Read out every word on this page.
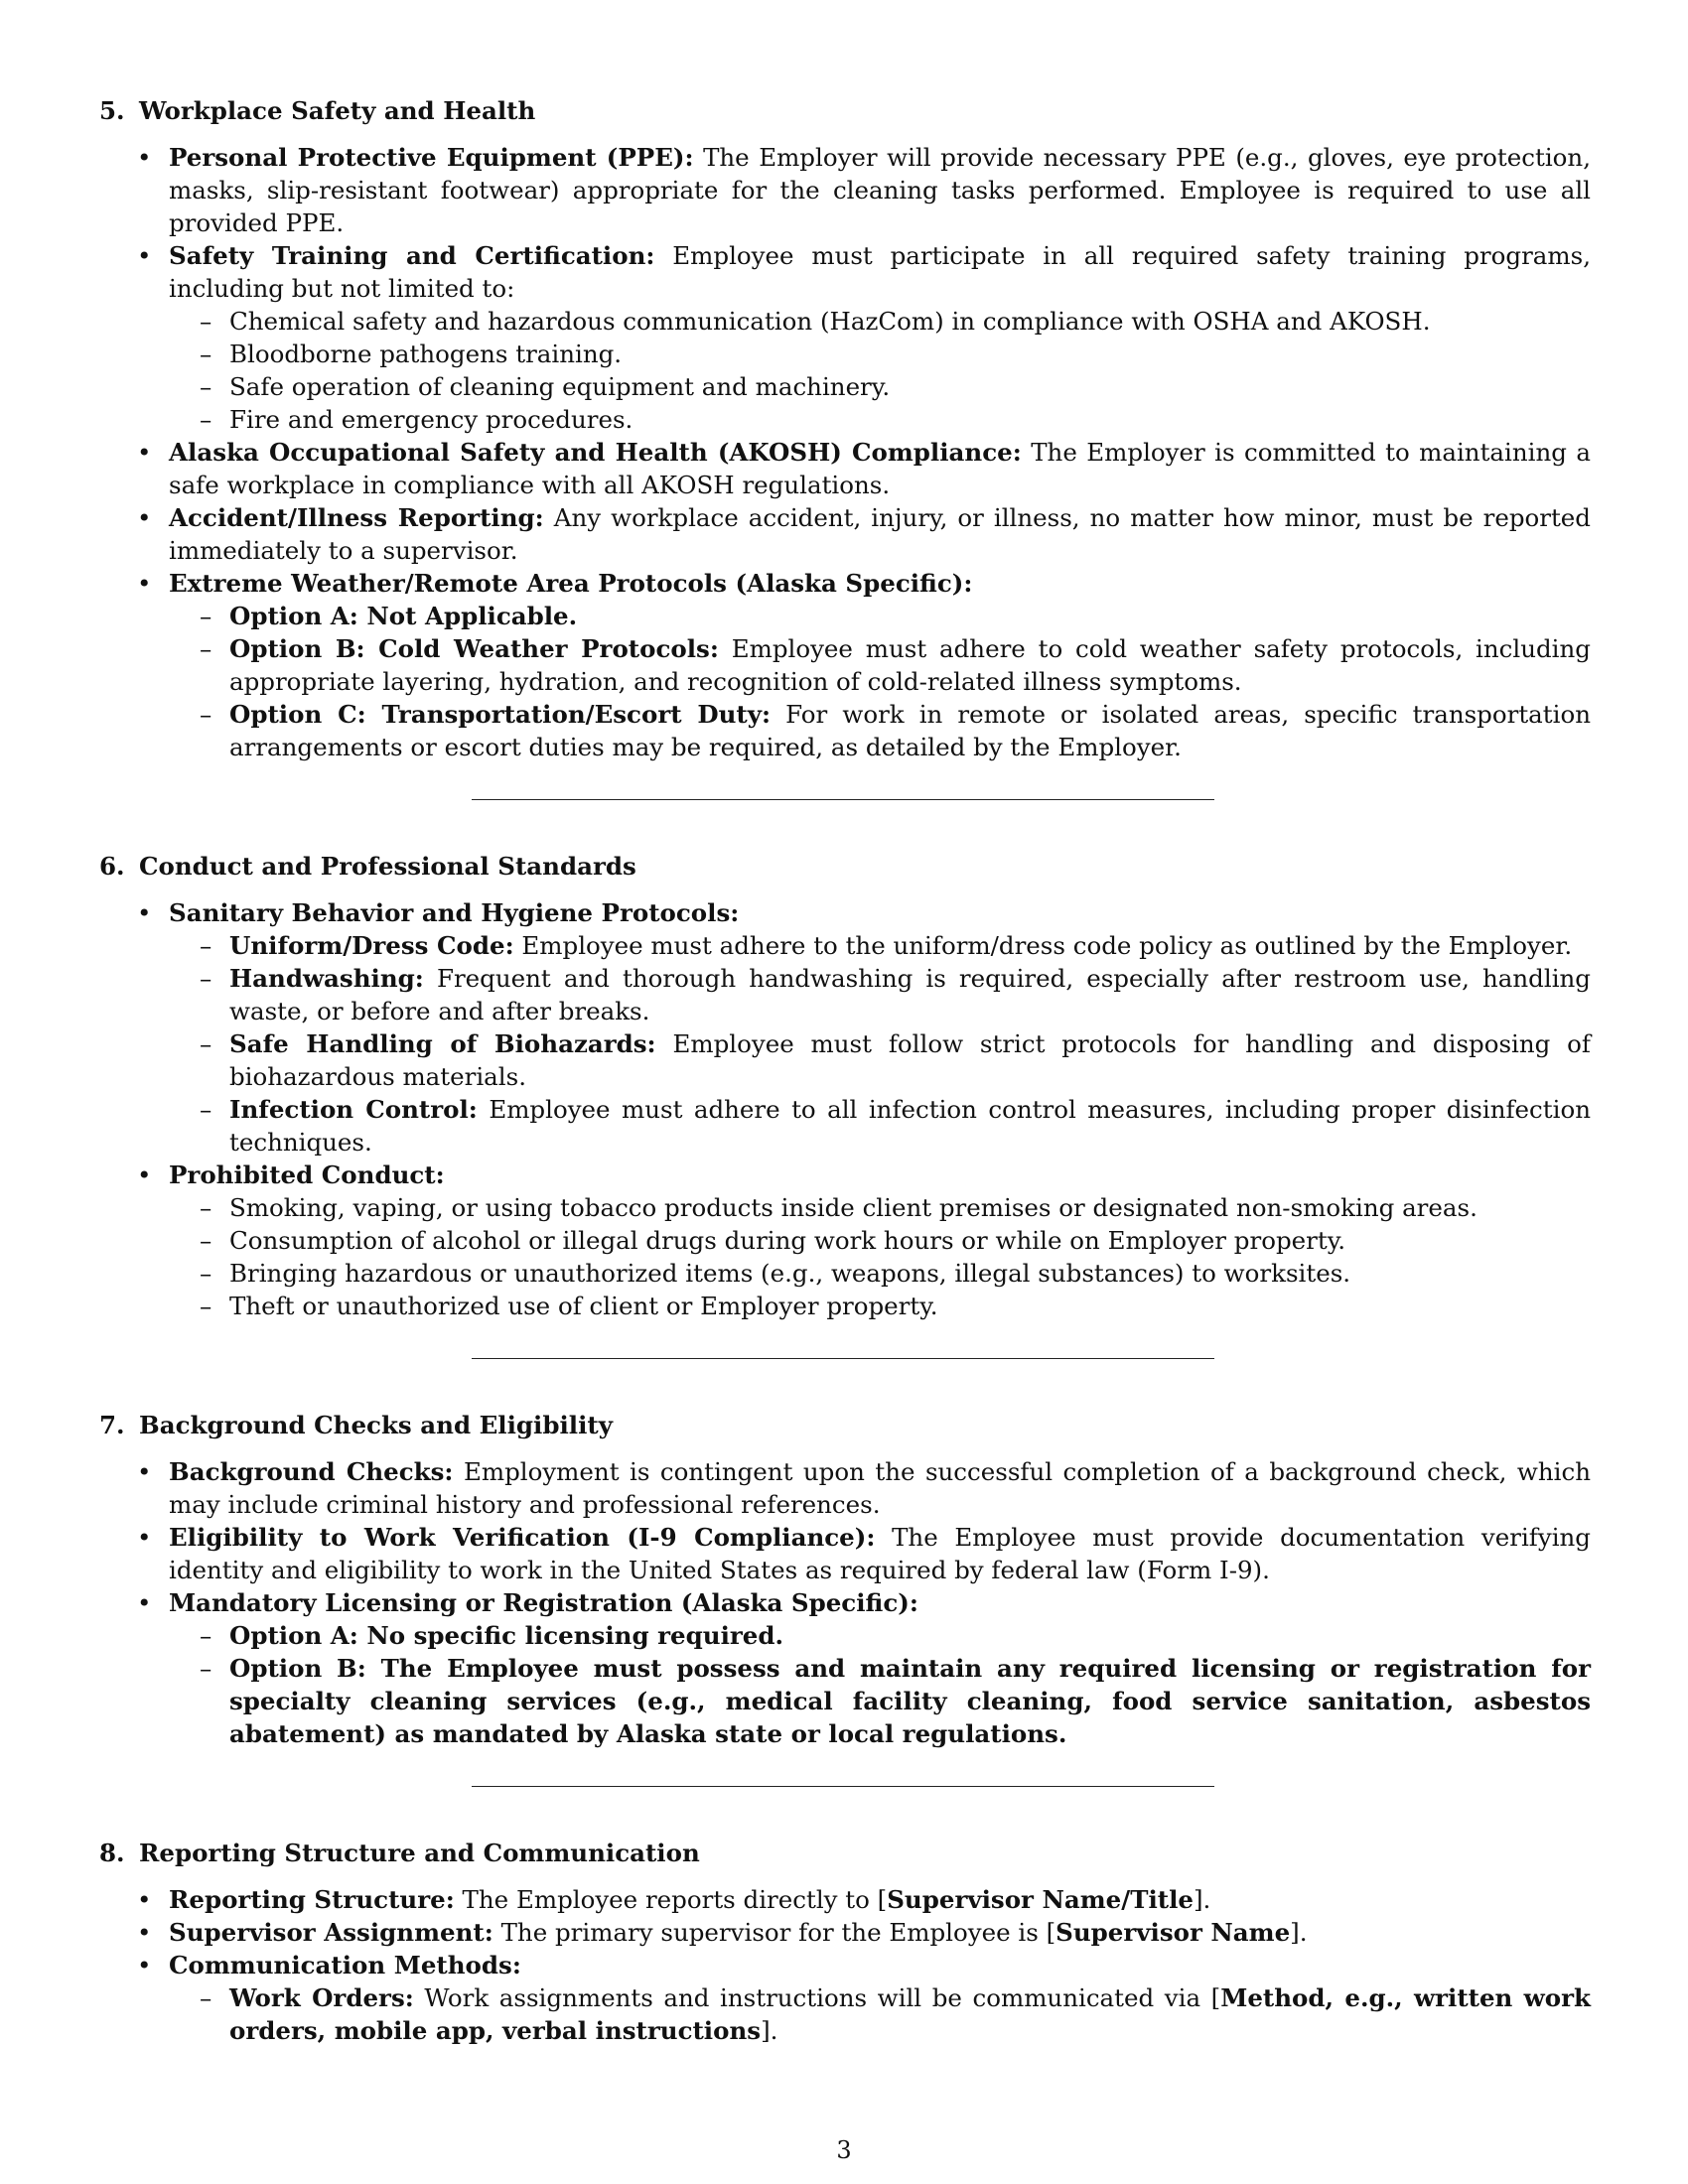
5. Workplace Safety and Health
• Personal Protective Equipment (PPE): The Employer will provide necessary PPE (e.g., gloves, eye protection, masks, slip-resistant footwear) appropriate for the cleaning tasks performed. Employee is required to use all provided PPE.
• Safety Training and Certification: Employee must participate in all required safety training programs, including but not limited to:
– Chemical safety and hazardous communication (HazCom) in compliance with OSHA and AKOSH.
– Bloodborne pathogens training.
– Safe operation of cleaning equipment and machinery.
– Fire and emergency procedures.
• Alaska Occupational Safety and Health (AKOSH) Compliance: The Employer is committed to maintaining a safe workplace in compliance with all AKOSH regulations.
• Accident/Illness Reporting: Any workplace accident, injury, or illness, no matter how minor, must be reported immediately to a supervisor.
• Extreme Weather/Remote Area Protocols (Alaska Specific):
– Option A: Not Applicable.
– Option B: Cold Weather Protocols: Employee must adhere to cold weather safety protocols, including appropriate layering, hydration, and recognition of cold-related illness symptoms.
– Option C: Transportation/Escort Duty: For work in remote or isolated areas, specific transportation arrangements or escort duties may be required, as detailed by the Employer.
6. Conduct and Professional Standards
• Sanitary Behavior and Hygiene Protocols:
– Uniform/Dress Code: Employee must adhere to the uniform/dress code policy as outlined by the Employer.
– Handwashing: Frequent and thorough handwashing is required, especially after restroom use, handling waste, or before and after breaks.
– Safe Handling of Biohazards: Employee must follow strict protocols for handling and disposing of biohazardous materials.
– Infection Control: Employee must adhere to all infection control measures, including proper disinfection techniques.
• Prohibited Conduct:
– Smoking, vaping, or using tobacco products inside client premises or designated non-smoking areas.
– Consumption of alcohol or illegal drugs during work hours or while on Employer property.
– Bringing hazardous or unauthorized items (e.g., weapons, illegal substances) to worksites.
– Theft or unauthorized use of client or Employer property.
7. Background Checks and Eligibility
• Background Checks: Employment is contingent upon the successful completion of a background check, which may include criminal history and professional references.
• Eligibility to Work Verification (I-9 Compliance): The Employee must provide documentation verifying identity and eligibility to work in the United States as required by federal law (Form I-9).
• Mandatory Licensing or Registration (Alaska Specific):
– Option A: No specific licensing required.
– Option B: The Employee must possess and maintain any required licensing or registration for specialty cleaning services (e.g., medical facility cleaning, food service sanitation, asbestos abatement) as mandated by Alaska state or local regulations.
8. Reporting Structure and Communication
• Reporting Structure: The Employee reports directly to [Supervisor Name/Title].
• Supervisor Assignment: The primary supervisor for the Employee is [Supervisor Name].
• Communication Methods:
– Work Orders: Work assignments and instructions will be communicated via [Method, e.g., written work orders, mobile app, verbal instructions].
3
